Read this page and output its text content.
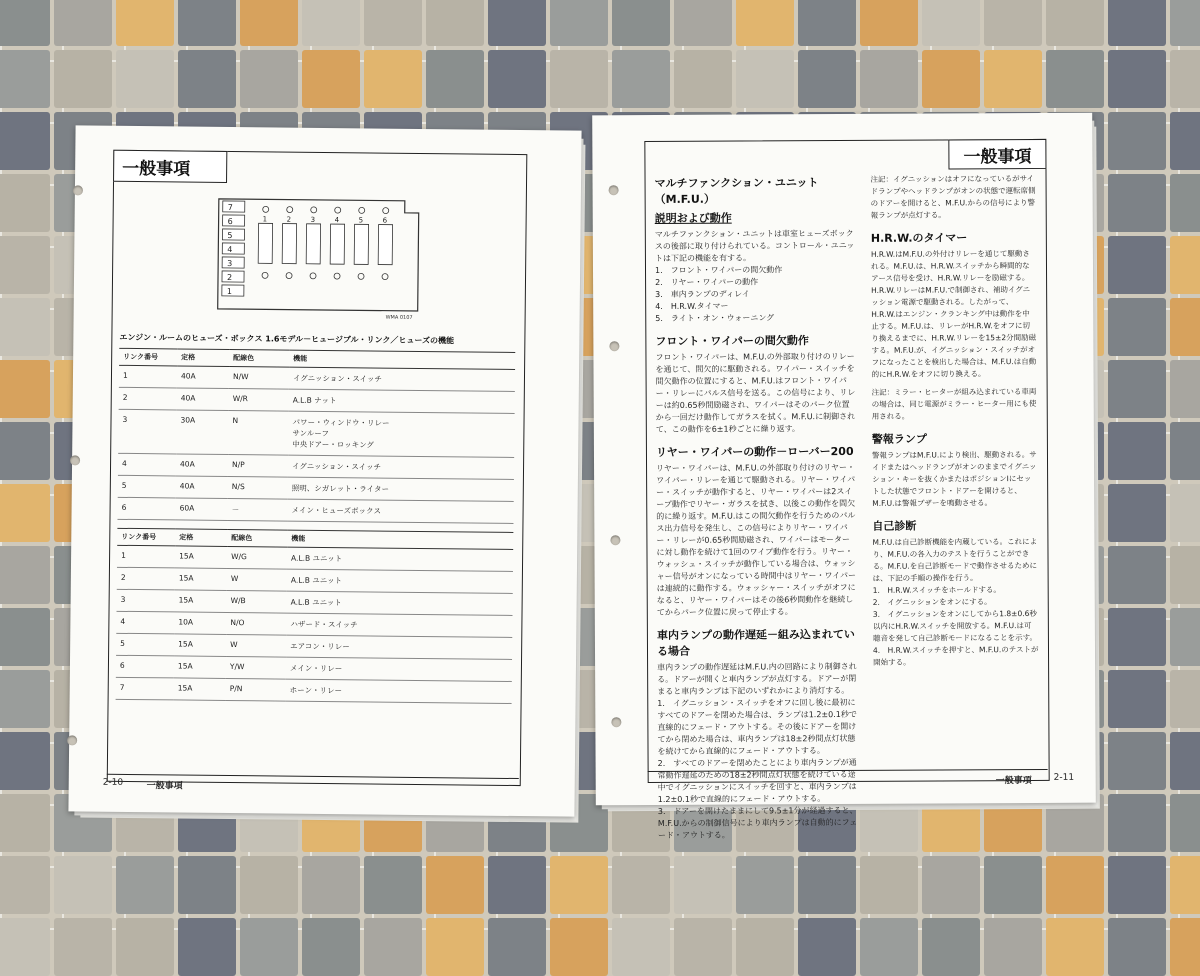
一般事項
7
6
5
4
3
2
1
1	2	3	4	5	6
WMA 0107
エンジン・ルームのヒューズ・ボックス 1.6モデル－ヒュージブル・リンク／ヒューズの機能
リンク番号	定格	配線色	機能
1	40A	N/W	イグニッション・スイッチ
2	40A	W/R	A.L.B ナット
3	30A	N	パワー・ウィンドウ・リレー
サンルーフ
中央ドアー・ロッキング
4	40A	N/P	イグニッション・スイッチ
5	40A	N/S	照明、シガレット・ライター
6	60A	－	メイン・ヒューズボックス
リンク番号	定格	配線色	機能
1	15A	W/G	A.L.B ユニット
2	15A	W	A.L.B ユニット
3	15A	W/B	A.L.B ユニット
4	10A	N/O	ハザード・スイッチ
5	15A	W	エアコン・リレー
6	15A	Y/W	メイン・リレー
7	15A	P/N	ホーン・リレー
2-10	一般事項
一般事項
マルチファンクション・ユニット（M.F.U.）
説明および動作

マルチファンクション・ユニットは車室ヒューズボックスの後部に取り付けられている。コントロール・ユニットは下記の機能を有する。

1.　フロント・ワイパーの間欠動作
2.　リヤー・ワイパーの動作
3.　車内ランプのディレイ
4.　H.R.W.タイマー
5.　ライト・オン・ウォーニング
フロント・ワイパーの間欠動作

フロント・ワイパーは、M.F.U.の外部取り付けのリレーを通じて、間欠的に駆動される。ワイパー・スイッチを間欠動作の位置にすると、M.F.U.はフロント・ワイパー・リレーにパルス信号を送る。この信号により、リレーは約0.65秒間励磁され、ワイパーはそのパーク位置から一回だけ動作してガラスを拭く。M.F.U.に制御されて、この動作を6±1秒ごとに繰り返す。

リヤー・ワイパーの動作－ローバー200

リヤー・ワイパーは、M.F.U.の外部取り付けのリヤー・ワイパー・リレーを通じて駆動される。リヤー・ワイパー・スイッチが動作すると、リヤー・ワイパーは2スイープ動作でリヤー・ガラスを拭き、以後この動作を間欠的に繰り返す。M.F.U.はこの間欠動作を行うためのパルス出力信号を発生し、この信号によりリヤー・ワイパー・リレーが0.65秒間励磁され、ワイパーはモーターに対し動作を続けて1回のワイプ動作を行う。リヤー・ウォッシュ・スイッチが動作している場合は、ウォッシャー信号がオンになっている時間中はリヤー・ワイパーは連続的に動作する。ウォッシャー・スイッチがオフになると、リヤー・ワイパーはその後6秒間動作を継続してからパーク位置に戻って停止する。

車内ランプの動作遅延－組み込まれている場合

車内ランプの動作遅延はM.F.U.内の回路により制御される。ドアーが開くと車内ランプが点灯する。ドアーが閉まると車内ランプは下記のいずれかにより消灯する。

1.　イグニッション・スイッチをオフに回し後に最初にすべてのドアーを閉めた場合は、ランプは1.2±0.1秒で直線的にフェード・アウトする。その後にドアーを開けてから閉めた場合は、車内ランプは18±2秒間点灯状態を続けてから直線的にフェード・アウトする。
2.　すべてのドアーを閉めたことにより車内ランプが通常動作遅延のための18±2秒間点灯状態を続けている途中でイグニッションにスイッチを回すと、車内ランプは1.2±0.1秒で直線的にフェード・アウトする。
3.　ドアーを開けたままにして9.5±1分が経過すると、M.F.U.からの制御信号により車内ランプは自動的にフェード・アウトする。

注記：イグニッションはオフになっているがサイドランプやヘッドランプがオンの状態で運転席側のドアーを開けると、M.F.U.からの信号により警報ランプが点灯する。

H.R.W.のタイマー

H.R.W.はM.F.U.の外付けリレーを通じて駆動される。M.F.U.は、H.R.W.スイッチから瞬間的なアース信号を受け、H.R.W.リレーを励磁する。H.R.W.リレーはM.F.U.で制御され、補助イグニッション電源で駆動される。したがって、H.R.W.はエンジン・クランキング中は動作を中止する。M.F.U.は、リレーがH.R.W.をオフに切り換えるまでに、H.R.W.リレーを15±2分間励磁する。M.F.U.が、イグニッション・スイッチがオフになったことを検出した場合は、M.F.U.は自動的にH.R.W.をオフに切り換える。

注記：ミラー・ヒーターが組み込まれている車両の場合は、同じ電源がミラー・ヒーター用にも使用される。

警報ランプ

警報ランプはM.F.U.により検出、駆動される。サイドまたはヘッドランプがオンのままでイグニッション・キーを抜くかまたはポジションⅠにセットした状態でフロント・ドアーを開けると、M.F.U.は警報ブザーを鳴動させる。

自己診断

M.F.U.は自己診断機能を内蔵している。これにより、M.F.U.の各入力のテストを行うことができる。M.F.U.を自己診断モードで動作させるためには、下記の手順の操作を行う。

1.　H.R.W.スイッチをホールドする。
2.　イグニッションをオンにする。
3.　イグニッションをオンにしてから1.8±0.6秒以内にH.R.W.スイッチを開放する。M.F.U.は可聴音を発して自己診断モードになることを示す。
4.　H.R.W.スイッチを押すと、M.F.U.のテストが開始する。
一般事項 2-11
